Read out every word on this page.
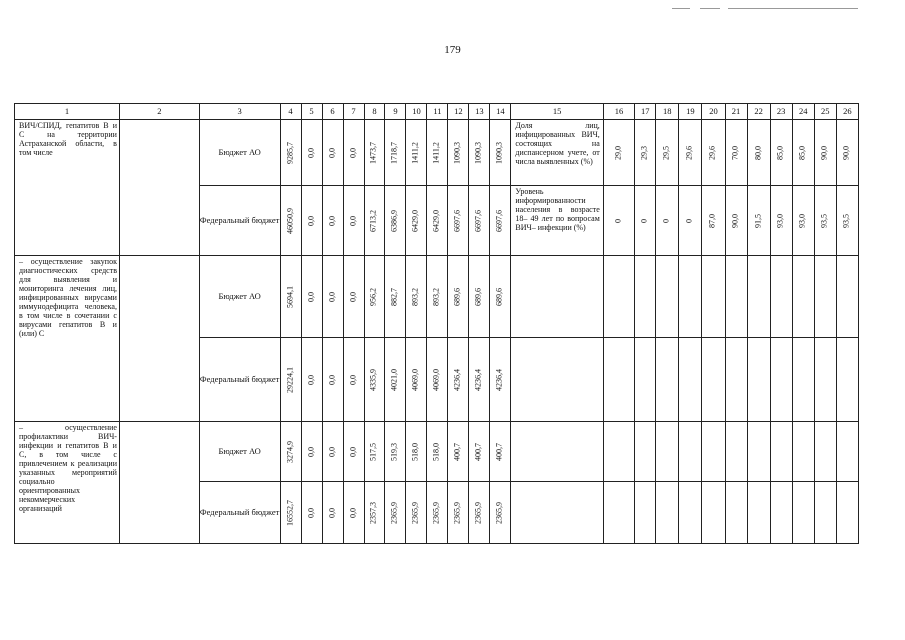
179
1	2	3	4	5	6	7	8	9	10	11	12	13	14	15	16	17	18	19	20	21	22	23	24	25	26
ВИЧ/СПИД, гепатитов В и С на территории Астраханской области, в том числе		Бюджет АО	9285,7	0,0	0,0	0,0	1473,7	1718,7	1411,2	1411,2	1090,3	1090,3	1090,3	Доля лиц, инфицированных ВИЧ, состоящих на диспансерном учете, от числа выявленных (%)	29,0	29,3	29,5	29,6	29,6	70,0	80,0	85,0	85,0	90,0	90,0

		Федеральный бюджет	46050,9	0,0	0,0	0,0	6713,2	6386,9	6429,0	6429,0	6697,6	6697,6	6697,6	Уровень информированности населения в возрасте 18– 49 лет по вопросам ВИЧ– инфекции (%)	0	0	0	0	87,0	90,0	91,5	93,0	93,0	93,5	93,5

– осуществление закупок диагностических средств для выявления и мониторинга лечения лиц, инфицированных вирусами иммунодефицита человека, в том числе в сочетании с вирусами гепатитов В и (или) С		Бюджет АО	5694,1	0,0	0,0	0,0	956,2	882,7	893,2	893,2	689,6	689,6	689,6												

		Федеральный бюджет	29224,1	0,0	0,0	0,0	4335,9	4021,0	4069,0	4069,0	4236,4	4236,4	4236,4												

– осуществление профилактики ВИЧ-инфекции и гепатитов В и С, в том числе с привлечением к реализации указанных мероприятий социально ориентированных некоммерческих организаций		Бюджет АО	3274,9	0,0	0,0	0,0	517,5	519,3	518,0	518,0	400,7	400,7	400,7												

		Федеральный бюджет	16552,7	0,0	0,0	0,0	2357,3	2365,9	2365,9	2365,9	2365,9	2365,9	2365,9												
